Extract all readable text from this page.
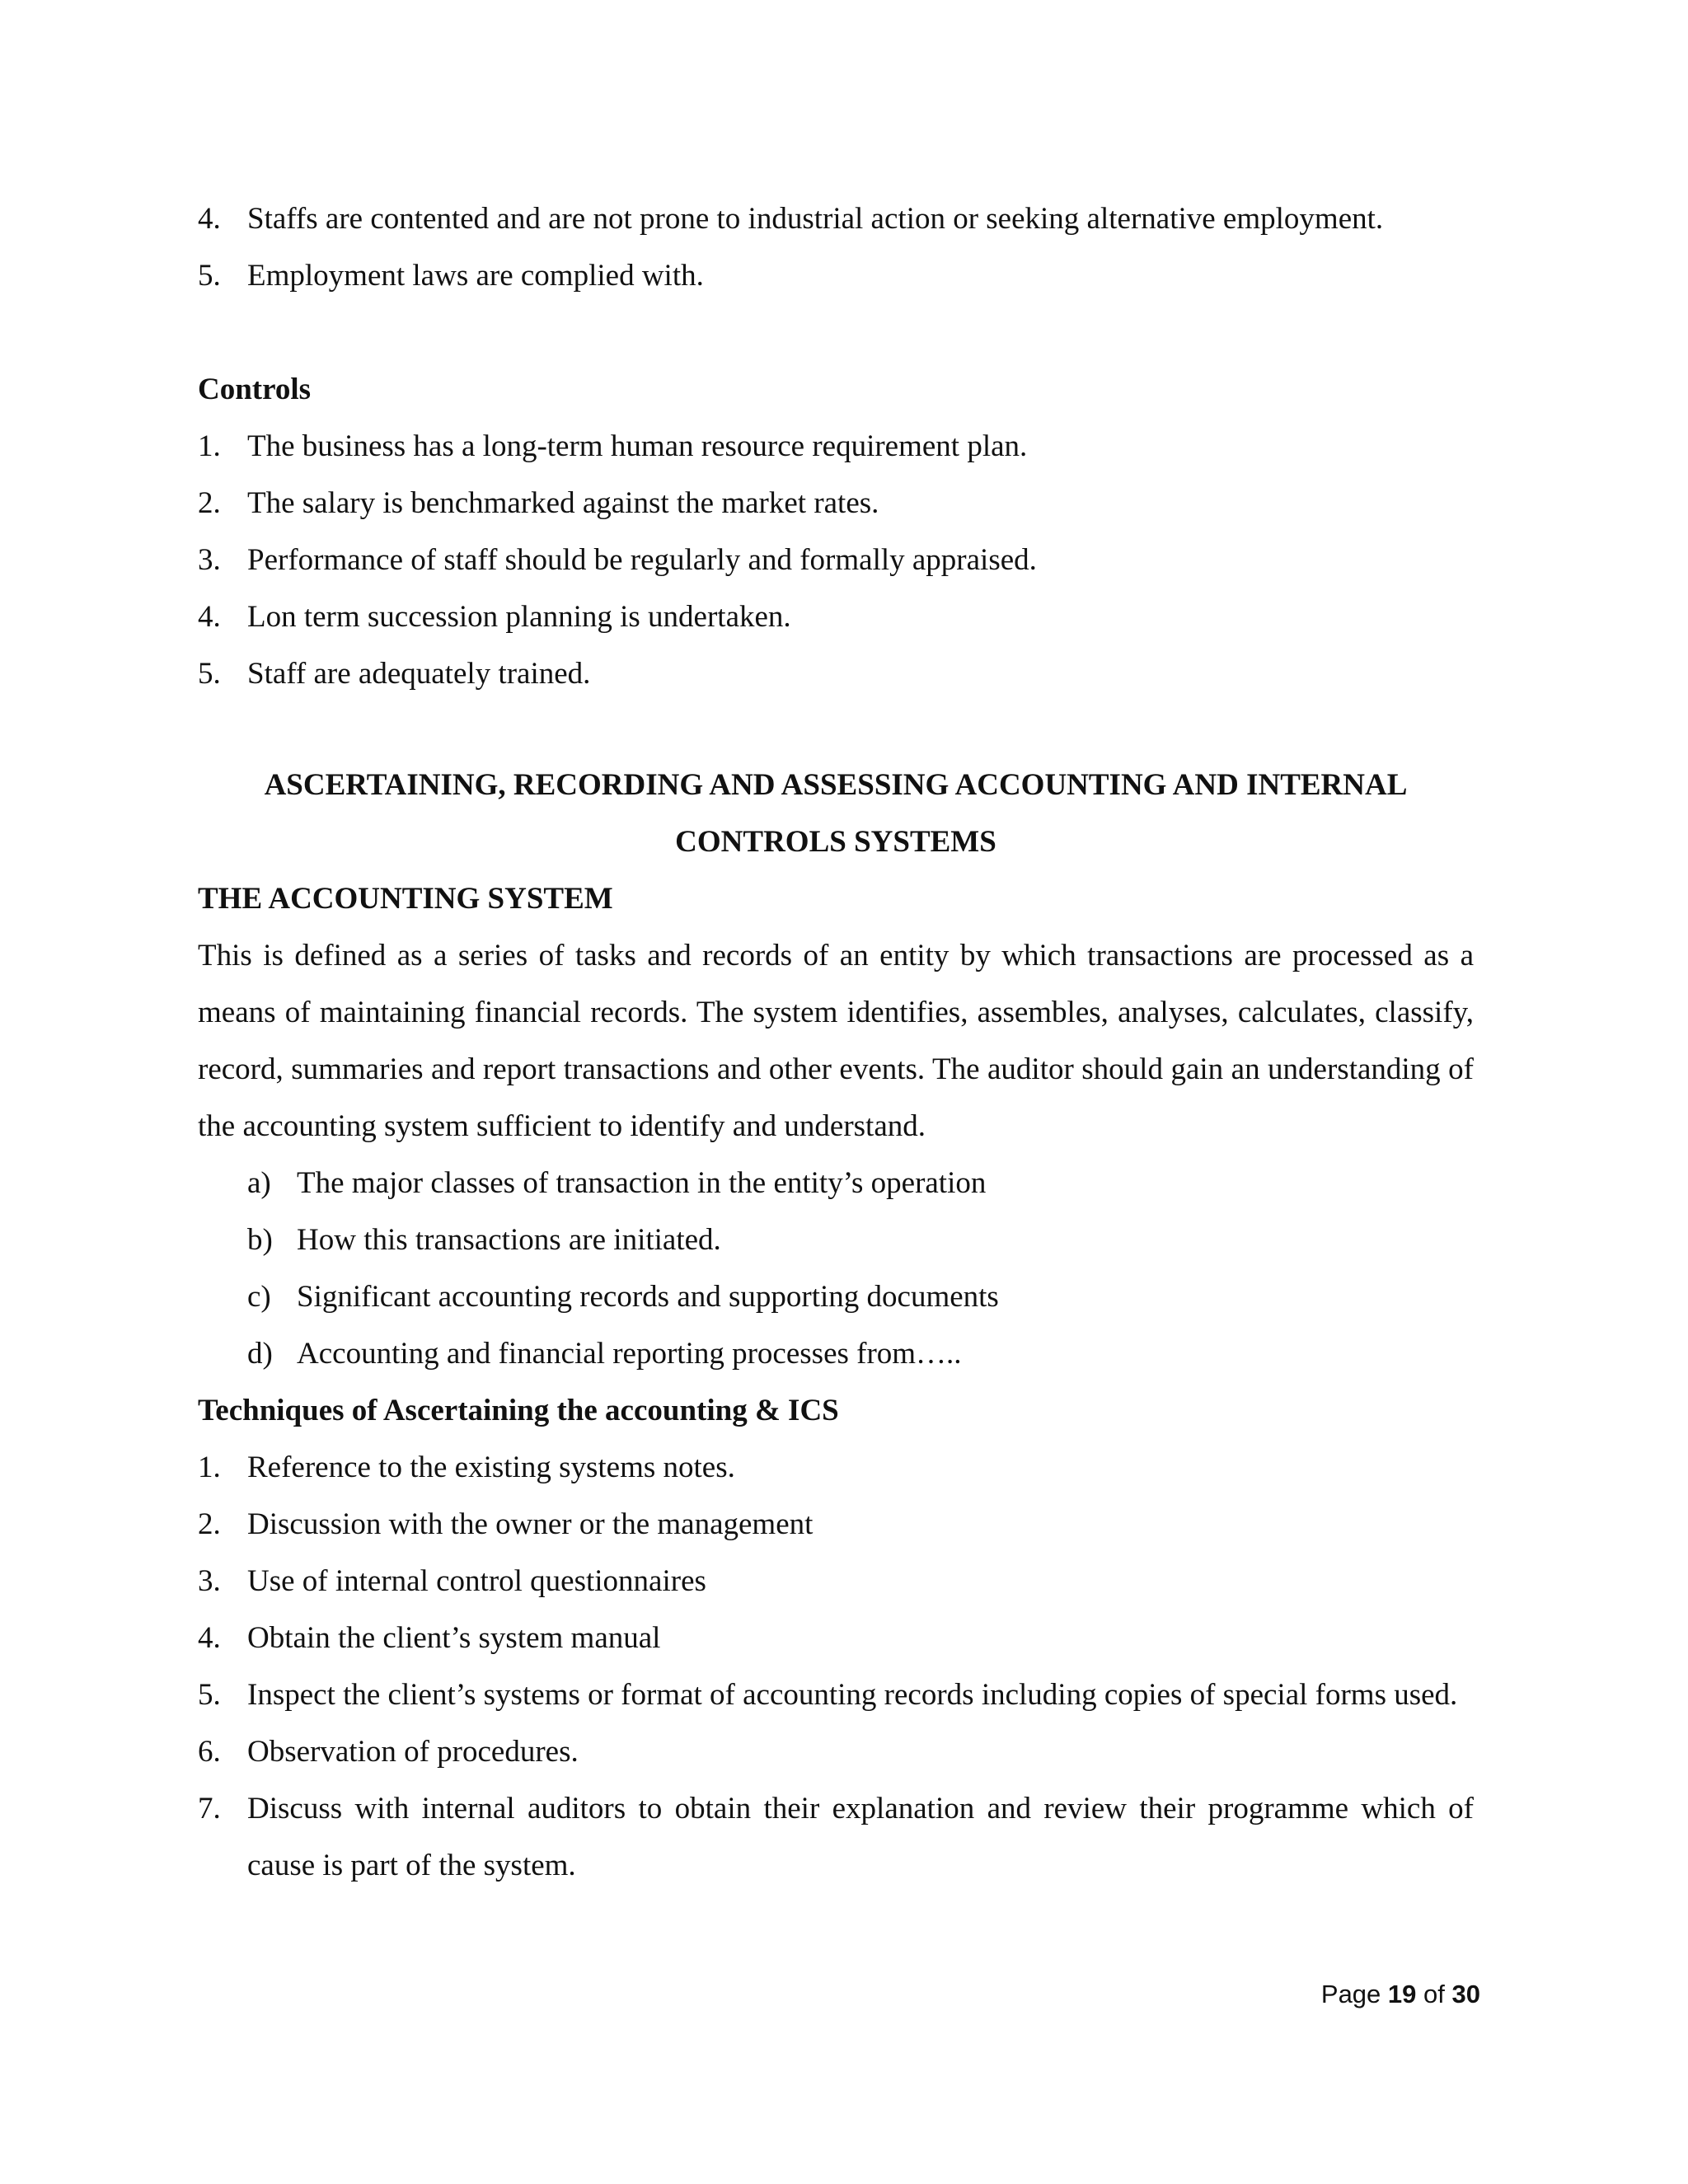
4. Staffs are contented and are not prone to industrial action or seeking alternative employment.
5. Employment laws are complied with.
Controls
1. The business has a long-term human resource requirement plan.
2. The salary is benchmarked against the market rates.
3. Performance of staff should be regularly and formally appraised.
4. Lon term succession planning is undertaken.
5. Staff are adequately trained.
ASCERTAINING, RECORDING AND ASSESSING ACCOUNTING AND INTERNAL
CONTROLS SYSTEMS
THE ACCOUNTING SYSTEM
This is defined as a series of tasks and records of an entity by which transactions are processed as a means of maintaining financial records. The system identifies, assembles, analyses, calculates, classify, record, summaries and report transactions and other events. The auditor should gain an understanding of the accounting system sufficient to identify and understand.
a) The major classes of transaction in the entity’s operation
b) How this transactions are initiated.
c) Significant accounting records and supporting documents
d) Accounting and financial reporting processes from…..
Techniques of Ascertaining the accounting & ICS
1. Reference to the existing systems notes.
2. Discussion with the owner or the management
3. Use of internal control questionnaires
4. Obtain the client’s system manual
5. Inspect the client’s systems or format of accounting records including copies of special forms used.
6. Observation of procedures.
7. Discuss with internal auditors to obtain their explanation and review their programme which of cause is part of the system.
Page 19 of 30
